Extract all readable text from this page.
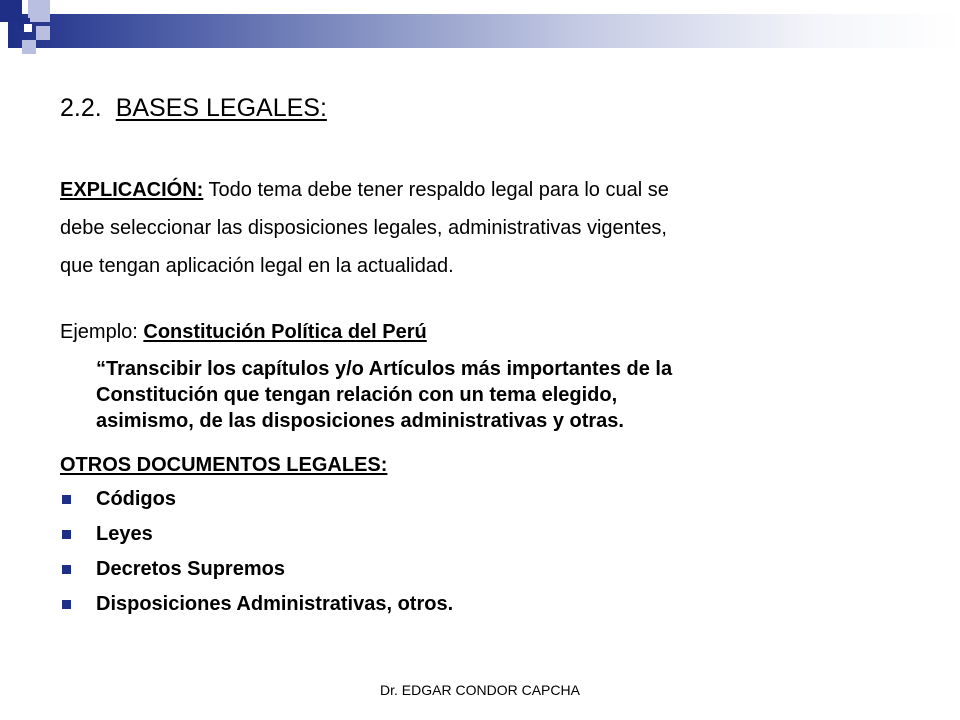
2.2. BASES LEGALES:
EXPLICACIÓN: Todo tema debe tener respaldo legal para lo cual se
debe seleccionar las disposiciones legales, administrativas vigentes,
que tengan aplicación legal en la actualidad.
Ejemplo: Constitución Política del Perú
“Transcibir los capítulos y/o Artículos más importantes de la
Constitución que tengan relación con un tema elegido,
asimismo, de las disposiciones administrativas y otras.
OTROS DOCUMENTOS LEGALES:
Códigos
Leyes
Decretos Supremos
Disposiciones Administrativas, otros.
Dr. EDGAR CONDOR CAPCHA
